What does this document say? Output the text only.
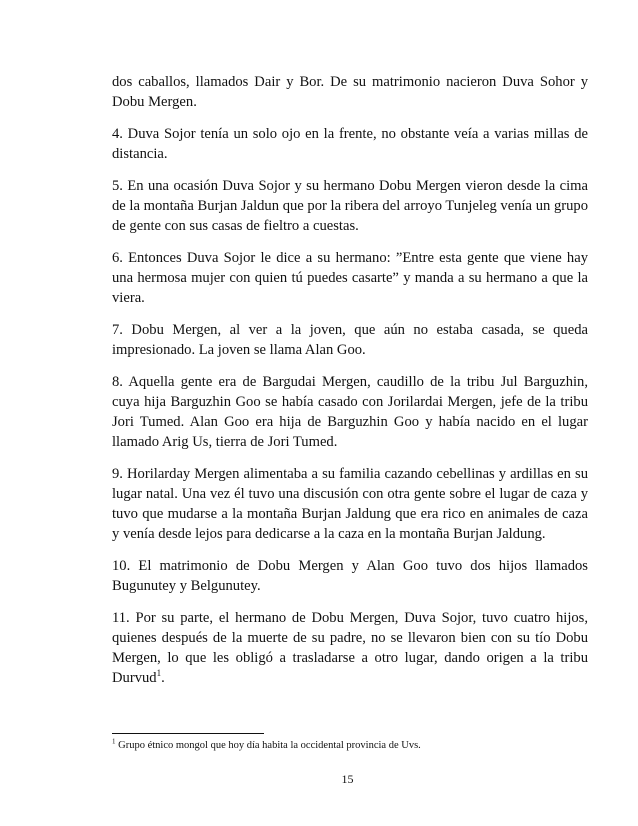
dos caballos, llamados Dair y Bor. De su matrimonio nacieron Duva Sohor y Dobu Mergen.

4. Duva Sojor tenía un solo ojo en la frente, no obstante veía a varias millas de distancia.

5. En una ocasión Duva Sojor y su hermano Dobu Mergen vieron desde la cima de la montaña Burjan Jaldun que por la ribera del arroyo Tunjeleg venía un grupo de gente con sus casas de fieltro a cuestas.

6. Entonces Duva Sojor le dice a su hermano: ”Entre esta gente que viene hay una hermosa mujer con quien tú puedes casarte” y manda a su hermano a que la viera.

7. Dobu Mergen, al ver a la joven, que aún no estaba casada, se queda impresionado. La joven se llama Alan Goo.

8. Aquella gente era de Bargudai Mergen, caudillo de la tribu Jul Barguzhin, cuya hija Barguzhin Goo se había casado con Jorilardai Mergen, jefe de la tribu Jori Tumed. Alan Goo era hija de Barguzhin Goo y había nacido en el lugar llamado Arig Us, tierra de Jori Tumed.

9. Horilarday Mergen alimentaba a su familia cazando cebellinas y ardillas en su lugar natal. Una vez él tuvo una discusión con otra gente sobre el lugar de caza y tuvo que mudarse a la montaña Burjan Jaldung que era rico en animales de caza y venía desde lejos para dedicarse a la caza en la montaña Burjan Jaldung.

10. El matrimonio de Dobu Mergen y Alan Goo tuvo dos hijos llamados Bugunutey y Belgunutey.

11. Por su parte, el hermano de Dobu Mergen, Duva Sojor, tuvo cuatro hijos, quienes después de la muerte de su padre, no se llevaron bien con su tío Dobu Mergen, lo que les obligó a trasladarse a otro lugar, dando origen a la tribu Durvud$^1$.

$^1$ Grupo étnico mongol que hoy día habita la occidental provincia de Uvs.
15
